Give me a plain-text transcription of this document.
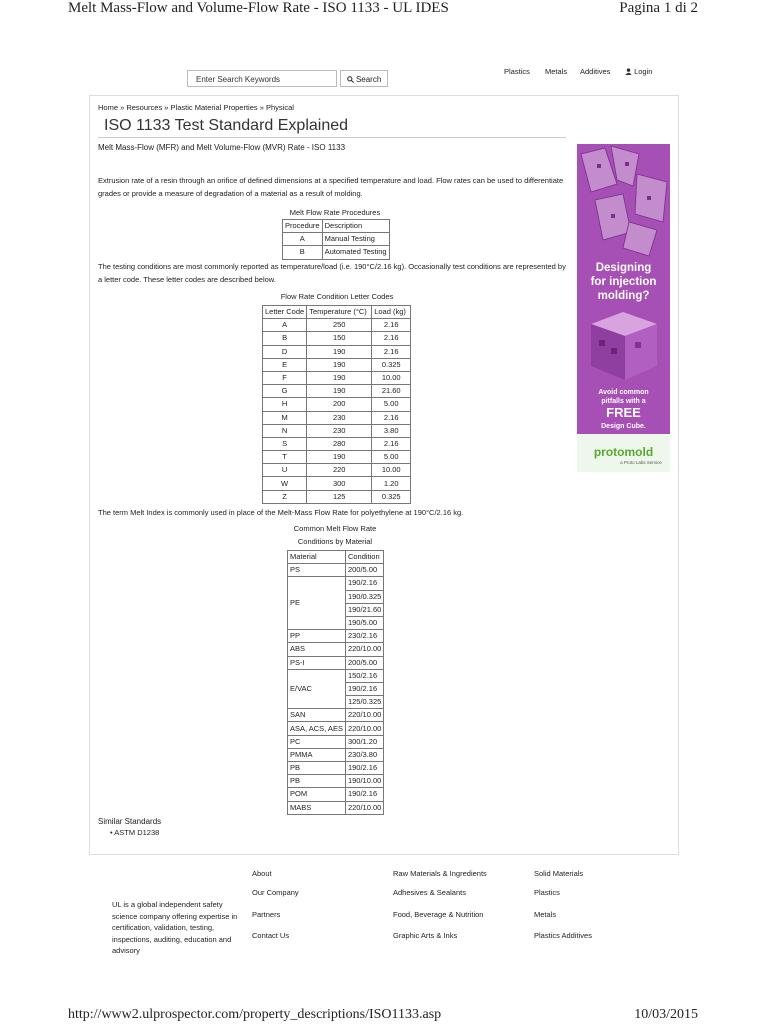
Melt Mass-Flow and Volume-Flow Rate - ISO 1133 - UL IDES	Pagina 1 di 2
http://www2.ulprospector.com/property_descriptions/ISO1133.asp	10/03/2015
Enter Search Keywords	Search
Plastics Metals Additives	Login
Home » Resources » Plastic Material Properties » Physical
ISO 1133 Test Standard Explained
Melt Mass-Flow (MFR) and Melt Volume-Flow (MVR) Rate - ISO 1133
Extrusion rate of a resin through an orifice of defined dimensions at a specified temperature and load. Flow rates can be used to differentiate grades or provide a measure of degradation of a material as a result of molding.
Melt Flow Rate Procedures
Procedure	Description
A	Manual Testing
B	Automated Testing
The testing conditions are most commonly reported as temperature/load (i.e. 190°C/2.16 kg). Occasionally test conditions are represented by a letter code. These letter codes are described below.
Flow Rate Condition Letter Codes
Letter Code	Temperature (°C)	Load (kg)
A	250	2.16
B	150	2.16
D	190	2.16
E	190	0.325
F	190	10.00
G	190	21.60
H	200	5.00
M	230	2.16
N	230	3.80
S	280	2.16
T	190	5.00
U	220	10.00
W	300	1.20
Z	125	0.325
The term Melt Index is commonly used in place of the Melt-Mass Flow Rate for polyethylene at 190°C/2.16 kg.
Common Melt Flow Rate
Conditions by Material
Material	Condition
PS	200/5.00
PE	190/2.16
	190/0.325
	190/21.60
	190/5.00
PP	230/2.16
ABS	220/10.00
PS-I	200/5.00
E/VAC	150/2.16
	190/2.16
	125/0.325
SAN	220/10.00
ASA, ACS, AES	220/10.00
PC	300/1.20
PMMA	230/3.80
PB	190/2.16
PB	190/10.00
POM	190/2.16
MABS	220/10.00
Similar Standards
• ASTM D1238
Designing
for injection
molding?
Avoid common
pitfalls with a
FREE
Design Cube.
protomold
a Proto Labs Service
UL is a global independent safety science company offering expertise in certification, validation, testing, inspections, auditing, education and advisory
About
Our Company
Partners
Contact Us
Raw Materials & Ingredients
Adhesives & Sealants
Food, Beverage & Nutrition
Graphic Arts & Inks
Solid Materials
Plastics
Metals
Plastics Additives
